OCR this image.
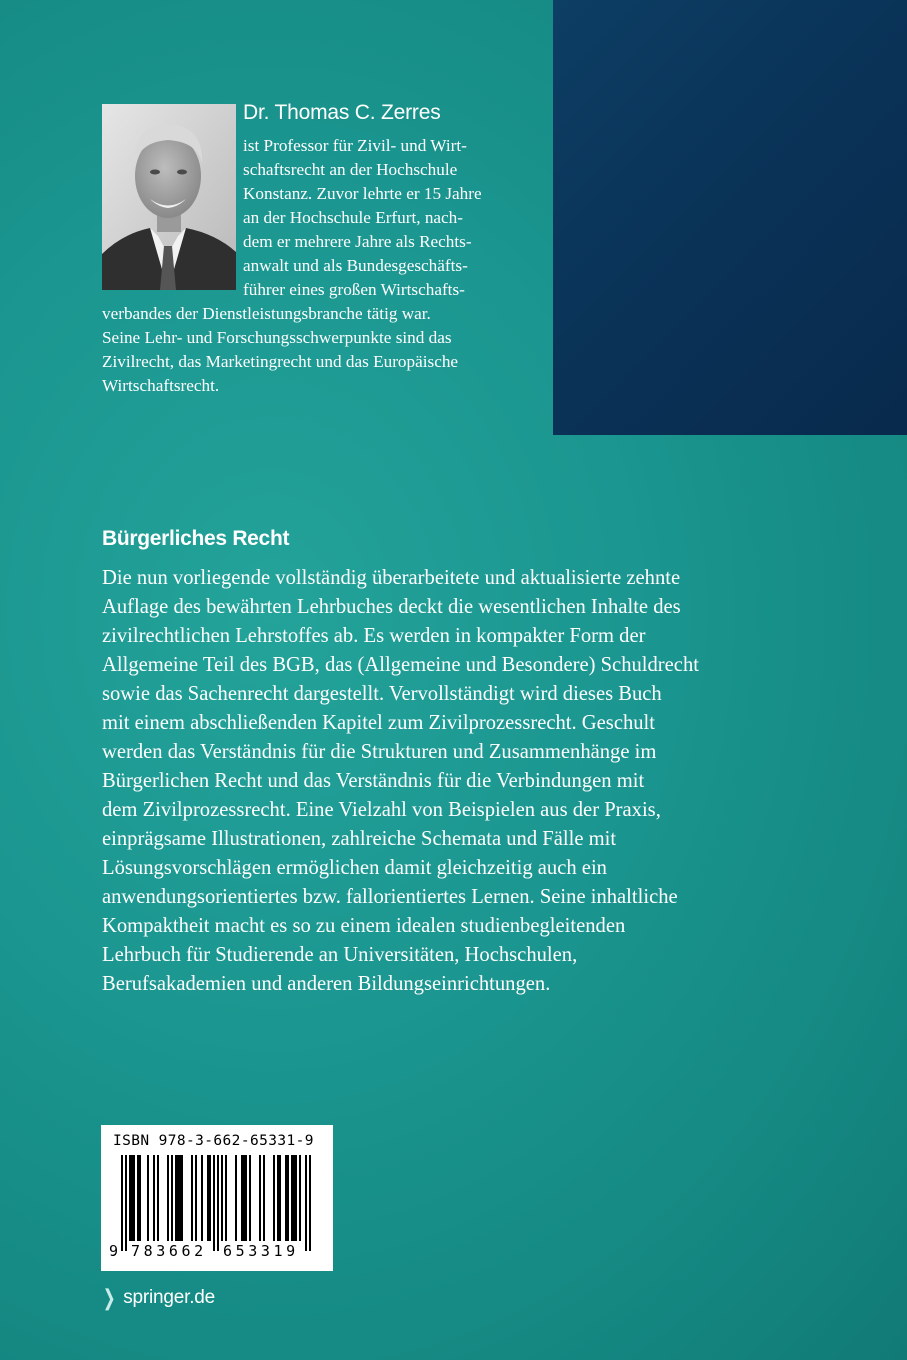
Dr. Thomas C. Zerres
ist Professor für Zivil- und Wirt-
schaftsrecht an der Hochschule
Konstanz. Zuvor lehrte er 15 Jahre
an der Hochschule Erfurt, nach-
dem er mehrere Jahre als Rechts-
anwalt und als Bundesgeschäfts-
führer eines großen Wirtschafts-
verbandes der Dienstleistungsbranche tätig war.
Seine Lehr- und Forschungsschwerpunkte sind das
Zivilrecht, das Marketingrecht und das Europäische
Wirtschaftsrecht.
Bürgerliches Recht
Die nun vorliegende vollständig überarbeitete und aktualisierte zehnte
Auflage des bewährten Lehrbuches deckt die wesentlichen Inhalte des
zivilrechtlichen Lehrstoffes ab. Es werden in kompakter Form der
Allgemeine Teil des BGB, das (Allgemeine und Besondere) Schuldrecht
sowie das Sachenrecht dargestellt. Vervollständigt wird dieses Buch
mit einem abschließenden Kapitel zum Zivilprozessrecht. Geschult
werden das Verständnis für die Strukturen und Zusammenhänge im
Bürgerlichen Recht und das Verständnis für die Verbindungen mit
dem Zivilprozessrecht. Eine Vielzahl von Beispielen aus der Praxis,
einprägsame Illustrationen, zahlreiche Schemata und Fälle mit
Lösungsvorschlägen ermöglichen damit gleichzeitig auch ein
anwendungsorientiertes bzw. fallorientiertes Lernen. Seine inhaltliche
Kompaktheit macht es so zu einem idealen studienbegleitenden
Lehrbuch für Studierende an Universitäten, Hochschulen,
Berufsakademien und anderen Bildungseinrichtungen.
ISBN 978-3-662-65331-9
9 783662 653319
❯ springer.de
